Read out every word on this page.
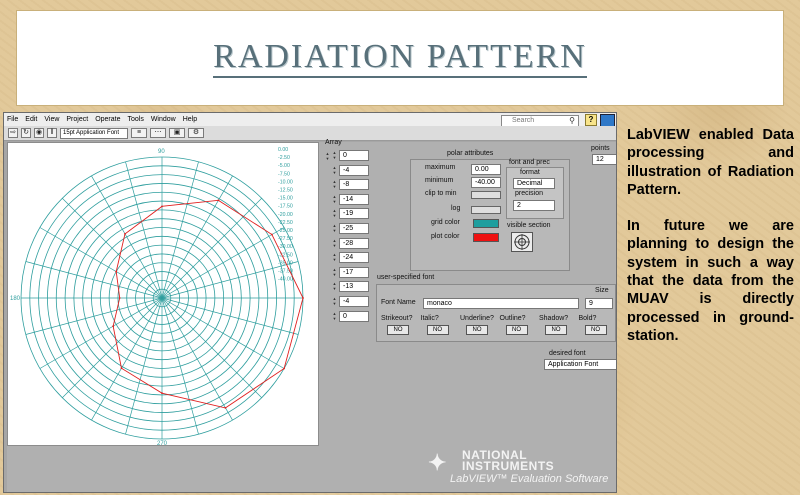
RADIATION PATTERN
File Edit View Project Operate Tools Window Help	Search	⚲	?
⇨ ↻ ◉	‖	15pt Application Font	≡	⋯	▣	⚙
0.00
-2.50
-5.00
-7.50
-10.00
-12.50
-15.00
-17.50
-20.00
-22.50
-25.00
-27.50
-30.00
-32.50
-35.00
-37.50
-40.00
90
180
270
Array
▲
▼
▲
▼ 0
▲
▼ -4
▲
▼ -8
▲
▼ -14
▲
▼ -19
▲
▼ -25
▲
▼ -28
▲
▼ -24
▲
▼ -17
▲
▼ -13
▲
▼ -4
▲
▼ 0
polar attributes
maximum	0.00
minimum	-40.00
clip to min
log
grid color
plot color
font and prec
format
Decimal
precision
2
visible section
points
12
user-specified font
Font Name	monaco
Size
9
Strikeout?
NO
Italic?
NO
Underline?
NO
Outline?
NO
Shadow?
NO
Bold?
NO
desired font
Application Font
✦ NATIONAL
INSTRUMENTS
LabVIEW™ Evaluation Software

LabVIEW enabled Data processing and illustration of Radiation Pattern.

In future we are planning to design the system in such a way that the data from the MUAV is directly processed in ground-station.
